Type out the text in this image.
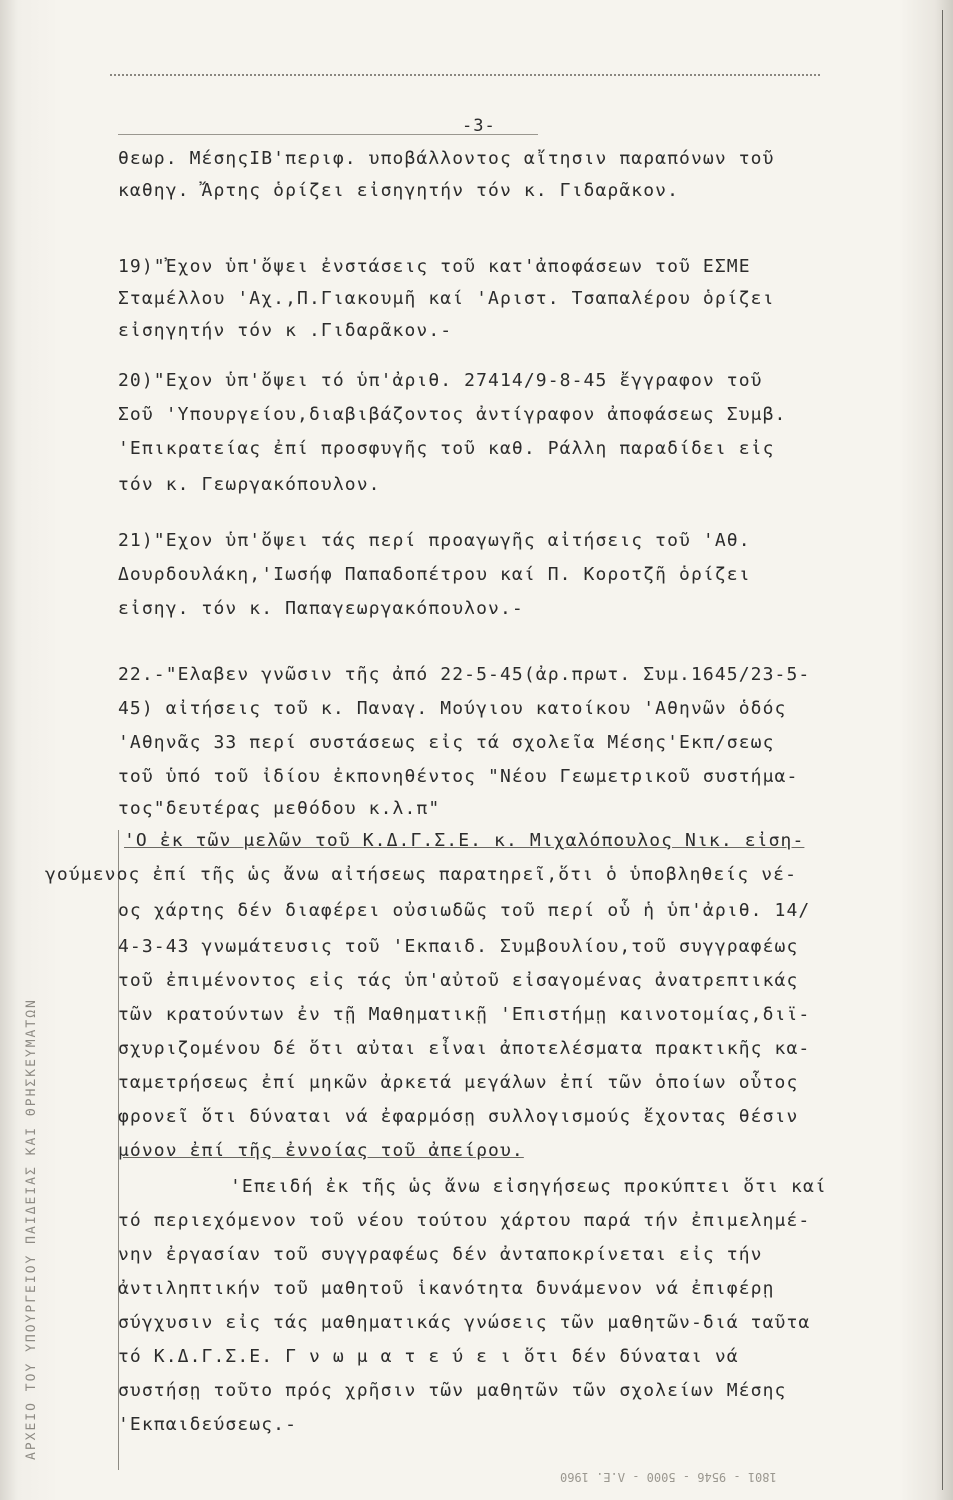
-3-
ΑΡΧΕΙΟ ΤΟΥ ΥΠΟΥΡΓΕΙΟΥ ΠΑΙΔΕΙΑΣ ΚΑΙ ΘΡΗΣΚΕΥΜΑΤΩΝ
θεωρ. ΜέσηςΙΒ'περιφ. υποβάλλοντος αἴτησιν παραπόνων τοῦ
καθηγ. Ἄρτης ὁρίζει εἰσηγητήν τόν κ. Γιδαρᾶκον.
19)"Ἐχον ὑπ'ὄψει ἐνστάσεις τοῦ κατ'ἀποφάσεων τοῦ ΕΣΜΕ
Σταμέλλου 'Αχ.,Π.Γιακουμῆ καί 'Αριστ. Τσαπαλέρου ὁρίζει
εἰσηγητήν τόν κ .Γιδαρᾶκον.-
20)"Εχον ὑπ'ὄψει τό ὑπ'ἀριθ. 27414/9-8-45 ἔγγραφον τοῦ
Σοῦ 'Υπουργείου,διαβιβάζοντος ἀντίγραφον ἀποφάσεως Συμβ.
'Επικρατείας ἐπί προσφυγῆς τοῦ καθ. Ράλλη παραδίδει εἰς
τόν κ. Γεωργακόπουλον.
21)"Εχον ὑπ'ὄψει τάς περί προαγωγῆς αἰτήσεις τοῦ 'Αθ.
Δουρδουλάκη,'Ιωσήφ Παπαδοπέτρου καί Π. Κοροτζῆ ὁρίζει
εἰσηγ. τόν κ. Παπαγεωργακόπουλον.-
22.-"Ελαβεν γνῶσιν τῆς ἀπό 22-5-45(ἀρ.πρωτ. Συμ.1645/23-5-
45) αἰτήσεις τοῦ κ. Παναγ. Μούγιου κατοίκου 'Αθηνῶν ὁδός
'Αθηνᾶς 33 περί συστάσεως εἰς τά σχολεῖα Μέσης'Εκπ/σεως
τοῦ ὑπό τοῦ ἰδίου ἐκπονηθέντος "Νέου Γεωμετρικοῦ συστήμα-
τος"δευτέρας μεθόδου κ.λ.π"
'Ο ἐκ τῶν μελῶν τοῦ Κ.Δ.Γ.Σ.Ε. κ. Μιχαλόπουλος Νικ. εἰση-
γούμενος ἐπί τῆς ὡς ἄνω αἰτήσεως παρατηρεῖ,ὅτι ὁ ὑποβληθείς νέ-
ος χάρτης δέν διαφέρει οὐσιωδῶς τοῦ περί οὗ ἡ ὑπ'ἀριθ. 14/
4-3-43 γνωμάτευσις τοῦ 'Εκπαιδ. Συμβουλίου,τοῦ συγγραφέως
τοῦ ἐπιμένοντος εἰς τάς ὑπ'αὐτοῦ εἰσαγομένας ἀνατρεπτικάς
τῶν κρατούντων ἐν τῇ Μαθηματικῇ 'Επιστήμῃ καινοτομίας,διϊ-
σχυριζομένου δέ ὅτι αὐται εἶναι ἀποτελέσματα πρακτικῆς κα-
ταμετρήσεως ἐπί μηκῶν ἀρκετά μεγάλων ἐπί τῶν ὁποίων οὗτος
φρονεῖ ὅτι δύναται νά ἐφαρμόσῃ συλλογισμούς ἔχοντας θέσιν
μόνον ἐπί τῆς ἐννοίας τοῦ ἀπείρου.
'Επειδή ἐκ τῆς ὡς ἄνω εἰσηγήσεως προκύπτει ὅτι καί
τό περιεχόμενον τοῦ νέου τούτου χάρτου παρά τήν ἐπιμελημέ-
νην ἐργασίαν τοῦ συγγραφέως δέν ἀνταποκρίνεται εἰς τήν
ἀντιληπτικήν τοῦ μαθητοῦ ἱκανότητα δυνάμενον νά ἐπιφέρῃ
σύγχυσιν εἰς τάς μαθηματικάς γνώσεις τῶν μαθητῶν-διά ταῦτα
τό Κ.Δ.Γ.Σ.Ε. Γ ν ω μ α τ ε ύ ε ι ὅτι δέν δύναται νά
συστήσῃ τοῦτο πρός χρῆσιν τῶν μαθητῶν τῶν σχολείων Μέσης
'Εκπαιδεύσεως.-
1801 - 9546 - 5000 - Λ.Ε. 1960
